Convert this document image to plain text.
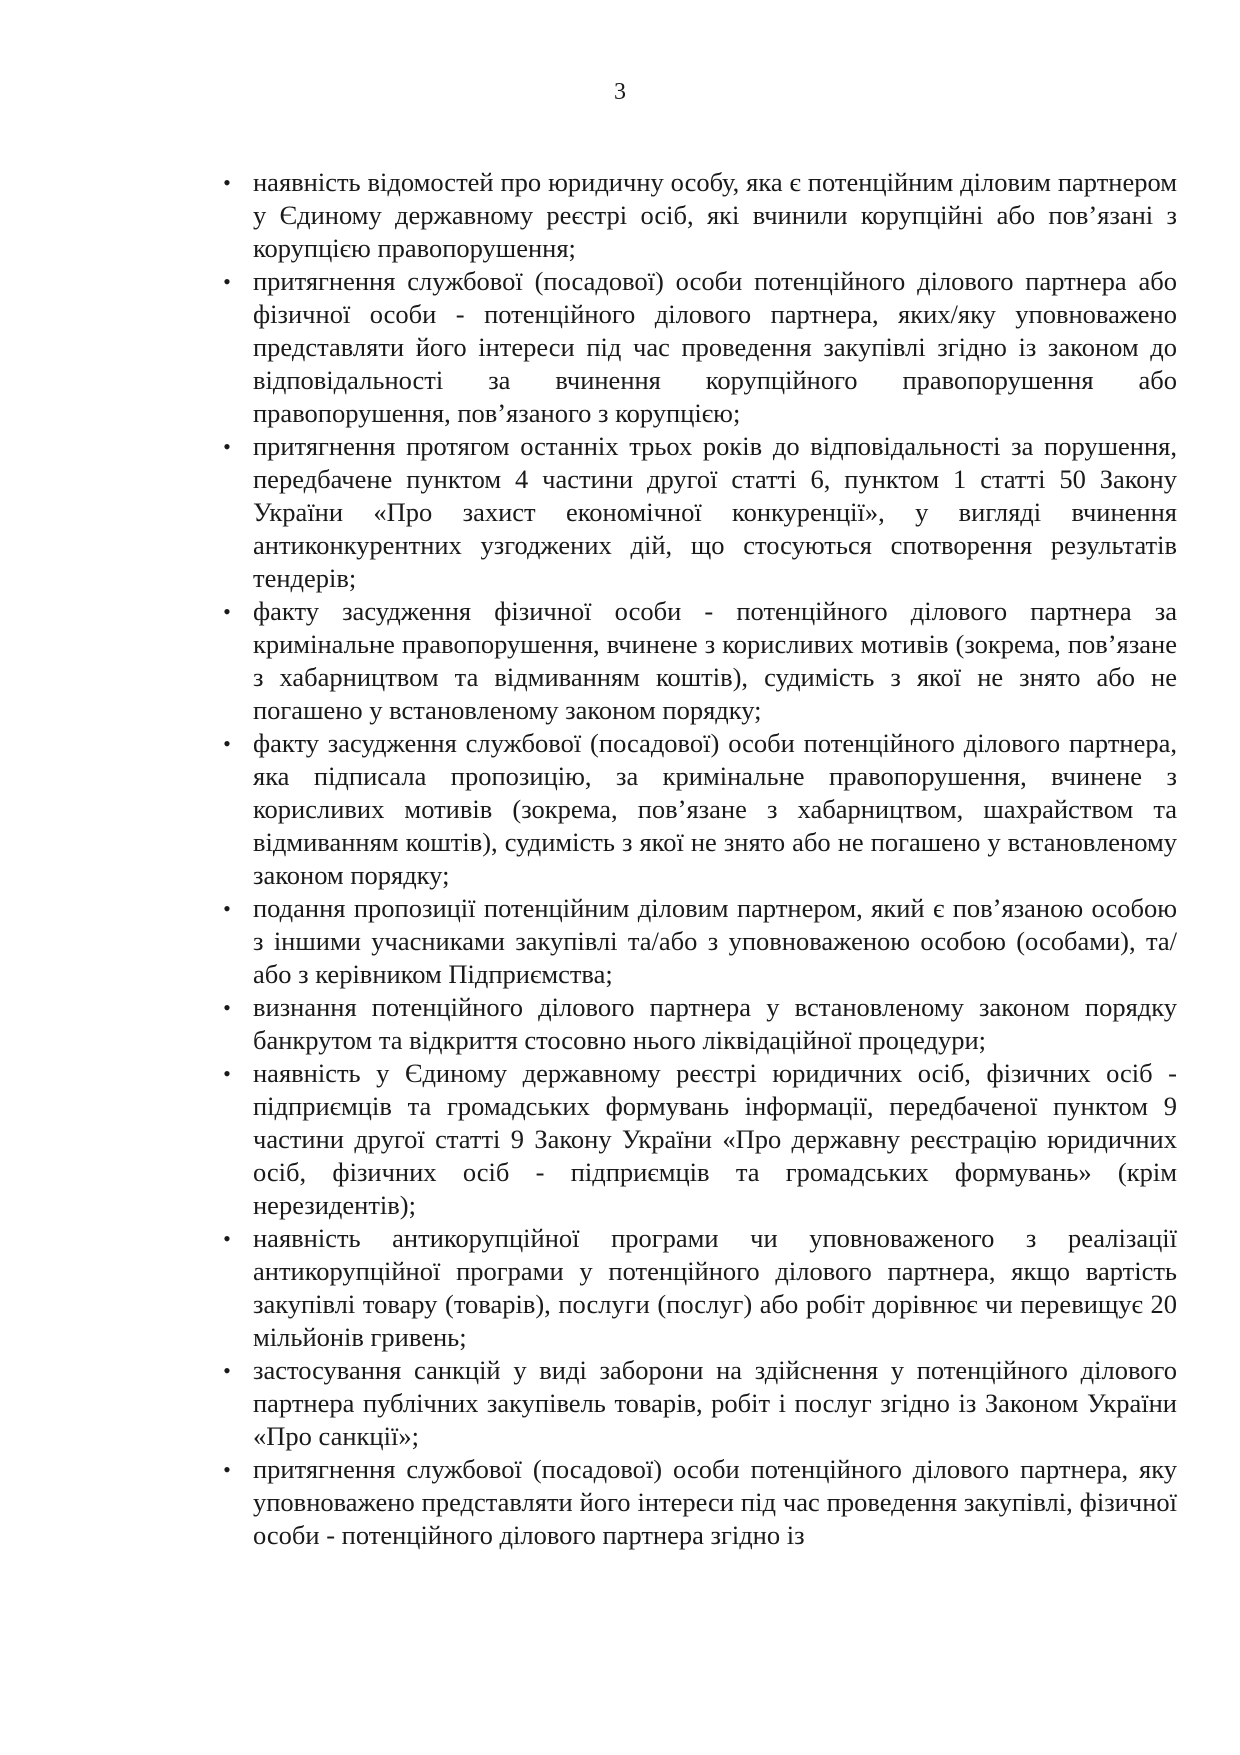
3
• наявність відомостей про юридичну особу, яка є потенційним діловим партнером у Єдиному державному реєстрі осіб, які вчинили корупційні або пов’язані з корупцією правопорушення;
• притягнення службової (посадової) особи потенційного ділового партнера або фізичної особи - потенційного ділового партнера, яких/яку уповноважено представляти його інтереси під час проведення закупівлі згідно із законом до відповідальності за вчинення корупційного правопорушення або правопорушення, пов’язаного з корупцією;
• притягнення протягом останніх трьох років до відповідальності за порушення, передбачене пунктом 4 частини другої статті 6, пунктом 1 статті 50 Закону України «Про захист економічної конкуренції», у вигляді вчинення антиконкурентних узгоджених дій, що стосуються спотворення результатів тендерів;
• факту засудження фізичної особи - потенційного ділового партнера за кримінальне правопорушення, вчинене з корисливих мотивів (зокрема, пов’язане з хабарництвом та відмиванням коштів), судимість з якої не знято або не погашено у встановленому законом порядку;
• факту засудження службової (посадової) особи потенційного ділового партнера, яка підписала пропозицію, за кримінальне правопорушення, вчинене з корисливих мотивів (зокрема, пов’язане з хабарництвом, шахрайством та відмиванням коштів), судимість з якої не знято або не погашено у встановленому законом порядку;
• подання пропозиції потенційним діловим партнером, який є пов’язаною особою з іншими учасниками закупівлі та/або з уповноваженою особою (особами), та/або з керівником Підприємства;
• визнання потенційного ділового партнера у встановленому законом порядку банкрутом та відкриття стосовно нього ліквідаційної процедури;
• наявність у Єдиному державному реєстрі юридичних осіб, фізичних осіб - підприємців та громадських формувань інформації, передбаченої пунктом 9 частини другої статті 9 Закону України «Про державну реєстрацію юридичних осіб, фізичних осіб - підприємців та громадських формувань» (крім нерезидентів);
• наявність антикорупційної програми чи уповноваженого з реалізації антикорупційної програми у потенційного ділового партнера, якщо вартість закупівлі товару (товарів), послуги (послуг) або робіт дорівнює чи перевищує 20 мільйонів гривень;
• застосування санкцій у виді заборони на здійснення у потенційного ділового партнера публічних закупівель товарів, робіт і послуг згідно із Законом України «Про санкції»;
• притягнення службової (посадової) особи потенційного ділового партнера, яку уповноважено представляти його інтереси під час проведення закупівлі, фізичної особи - потенційного ділового партнера згідно із
